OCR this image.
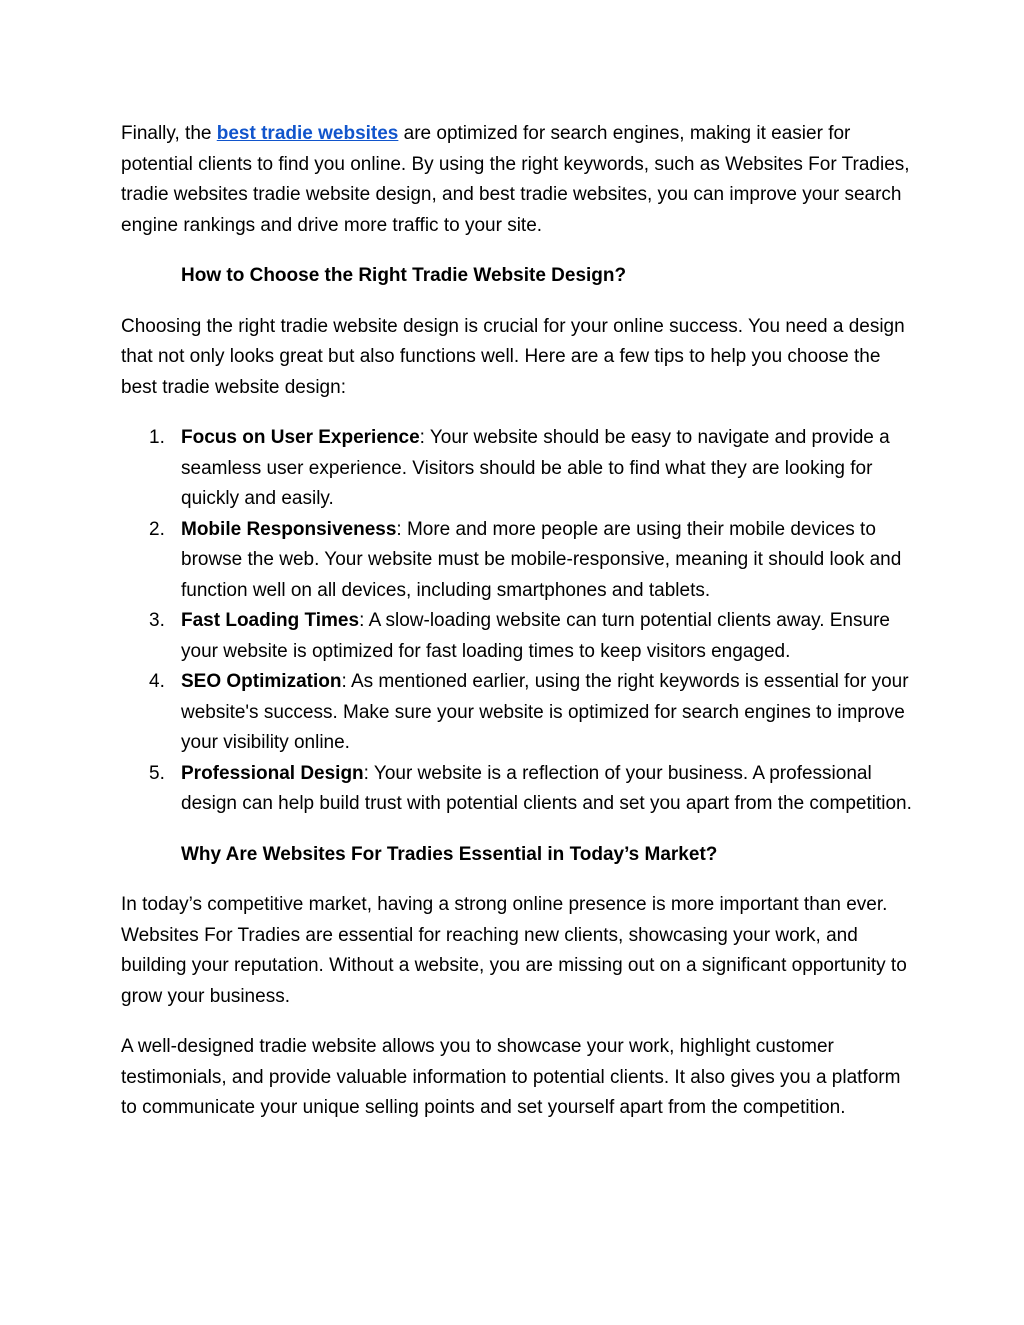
Finally, the best tradie websites are optimized for search engines, making it easier for potential clients to find you online. By using the right keywords, such as Websites For Tradies, tradie websites tradie website design, and best tradie websites, you can improve your search engine rankings and drive more traffic to your site.

How to Choose the Right Tradie Website Design?

Choosing the right tradie website design is crucial for your online success. You need a design that not only looks great but also functions well. Here are a few tips to help you choose the best tradie website design:

1. Focus on User Experience: Your website should be easy to navigate and provide a seamless user experience. Visitors should be able to find what they are looking for quickly and easily.
2. Mobile Responsiveness: More and more people are using their mobile devices to browse the web. Your website must be mobile-responsive, meaning it should look and function well on all devices, including smartphones and tablets.
3. Fast Loading Times: A slow-loading website can turn potential clients away. Ensure your website is optimized for fast loading times to keep visitors engaged.
4. SEO Optimization: As mentioned earlier, using the right keywords is essential for your website's success. Make sure your website is optimized for search engines to improve your visibility online.
5. Professional Design: Your website is a reflection of your business. A professional design can help build trust with potential clients and set you apart from the competition.

Why Are Websites For Tradies Essential in Today’s Market?

In today’s competitive market, having a strong online presence is more important than ever. Websites For Tradies are essential for reaching new clients, showcasing your work, and building your reputation. Without a website, you are missing out on a significant opportunity to grow your business.

A well-designed tradie website allows you to showcase your work, highlight customer testimonials, and provide valuable information to potential clients. It also gives you a platform to communicate your unique selling points and set yourself apart from the competition.
